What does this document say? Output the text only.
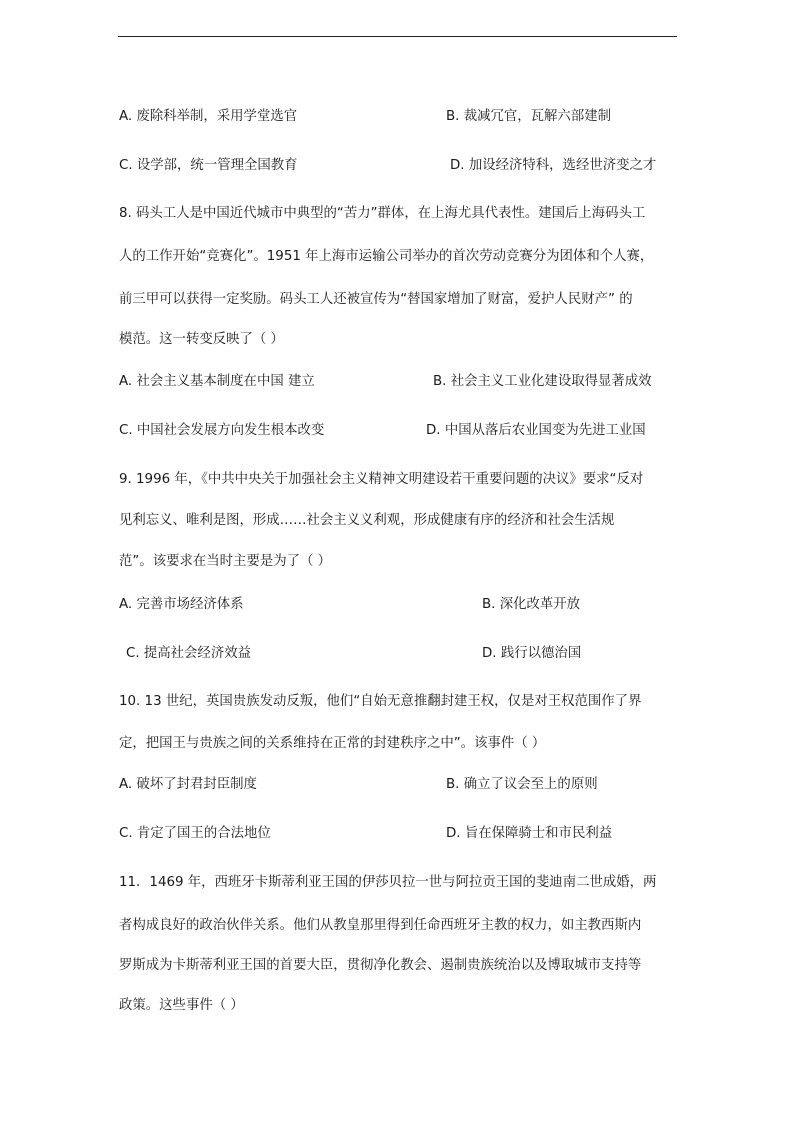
A. 废除科举制，采用学堂选官	B. 裁减冗官，瓦解六部建制
C. 设学部，统一管理全国教育	D. 加设经济特科，选经世济变之才
8. 码头工人是中国近代城市中典型的“苦力”群体，在上海尤具代表性。建国后上海码头工
人的工作开始“竞赛化”。1951 年上海市运输公司举办的首次劳动竞赛分为团体和个人赛，
前三甲可以获得一定奖励。码头工人还被宣传为“替国家增加了财富，爱护人民财产” 的
模范。这一转变反映了（ ）
A. 社会主义基本制度在中国 建立	B. 社会主义工业化建设取得显著成效
C. 中国社会发展方向发生根本改变	D. 中国从落后农业国变为先进工业国
9. 1996 年，《中共中央关于加强社会主义精神文明建设若干重要问题的决议》要求“反对
见利忘义、唯利是图，形成……社会主义义利观，形成健康有序的经济和社会生活规
范”。该要求在当时主要是为了（ ）
A. 完善市场经济体系	B. 深化改革开放
C. 提高社会经济效益	D. 践行以德治国
10. 13 世纪，英国贵族发动反叛，他们“自始无意推翻封建王权，仅是对王权范围作了界
定，把国王与贵族之间的关系维持在正常的封建秩序之中”。该事件（ ）
A. 破坏了封君封臣制度	B. 确立了议会至上的原则
C. 肯定了国王的合法地位	D. 旨在保障骑士和市民利益
11．1469 年，西班牙卡斯蒂利亚王国的伊莎贝拉一世与阿拉贡王国的斐迪南二世成婚，两
者构成良好的政治伙伴关系。他们从教皇那里得到任命西班牙主教的权力，如主教西斯内
罗斯成为卡斯蒂利亚王国的首要大臣，贯彻净化教会、遏制贵族统治以及博取城市支持等
政策。这些事件（ ）
